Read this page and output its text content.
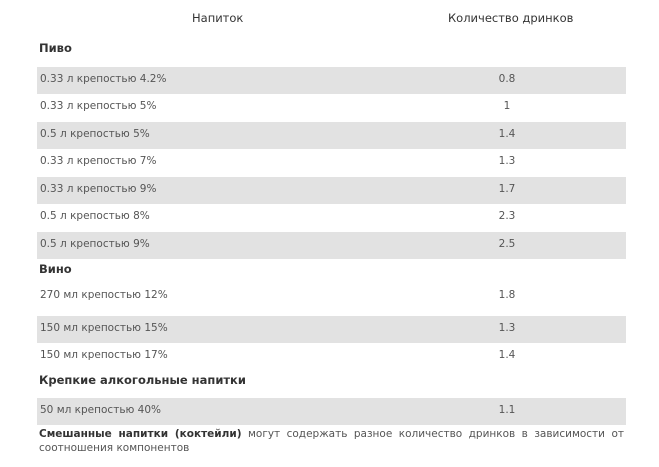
Напиток	Количество дринков
Пиво
0.33 л крепостью 4.2%	0.8
0.33 л крепостью 5%	1
0.5 л крепостью 5%	1.4
0.33 л крепостью 7%	1.3
0.33 л крепостью 9%	1.7
0.5 л крепостью 8%	2.3
0.5 л крепостью 9%	2.5
Вино
270 мл крепостью 12%	1.8
150 мл крепостью 15%	1.3
150 мл крепостью 17%	1.4
Крепкие алкогольные напитки
50 мл крепостью 40%	1.1
Смешанные напитки (коктейли) могут содержать разное количество дринков в зависимости от соотношения компонентов
